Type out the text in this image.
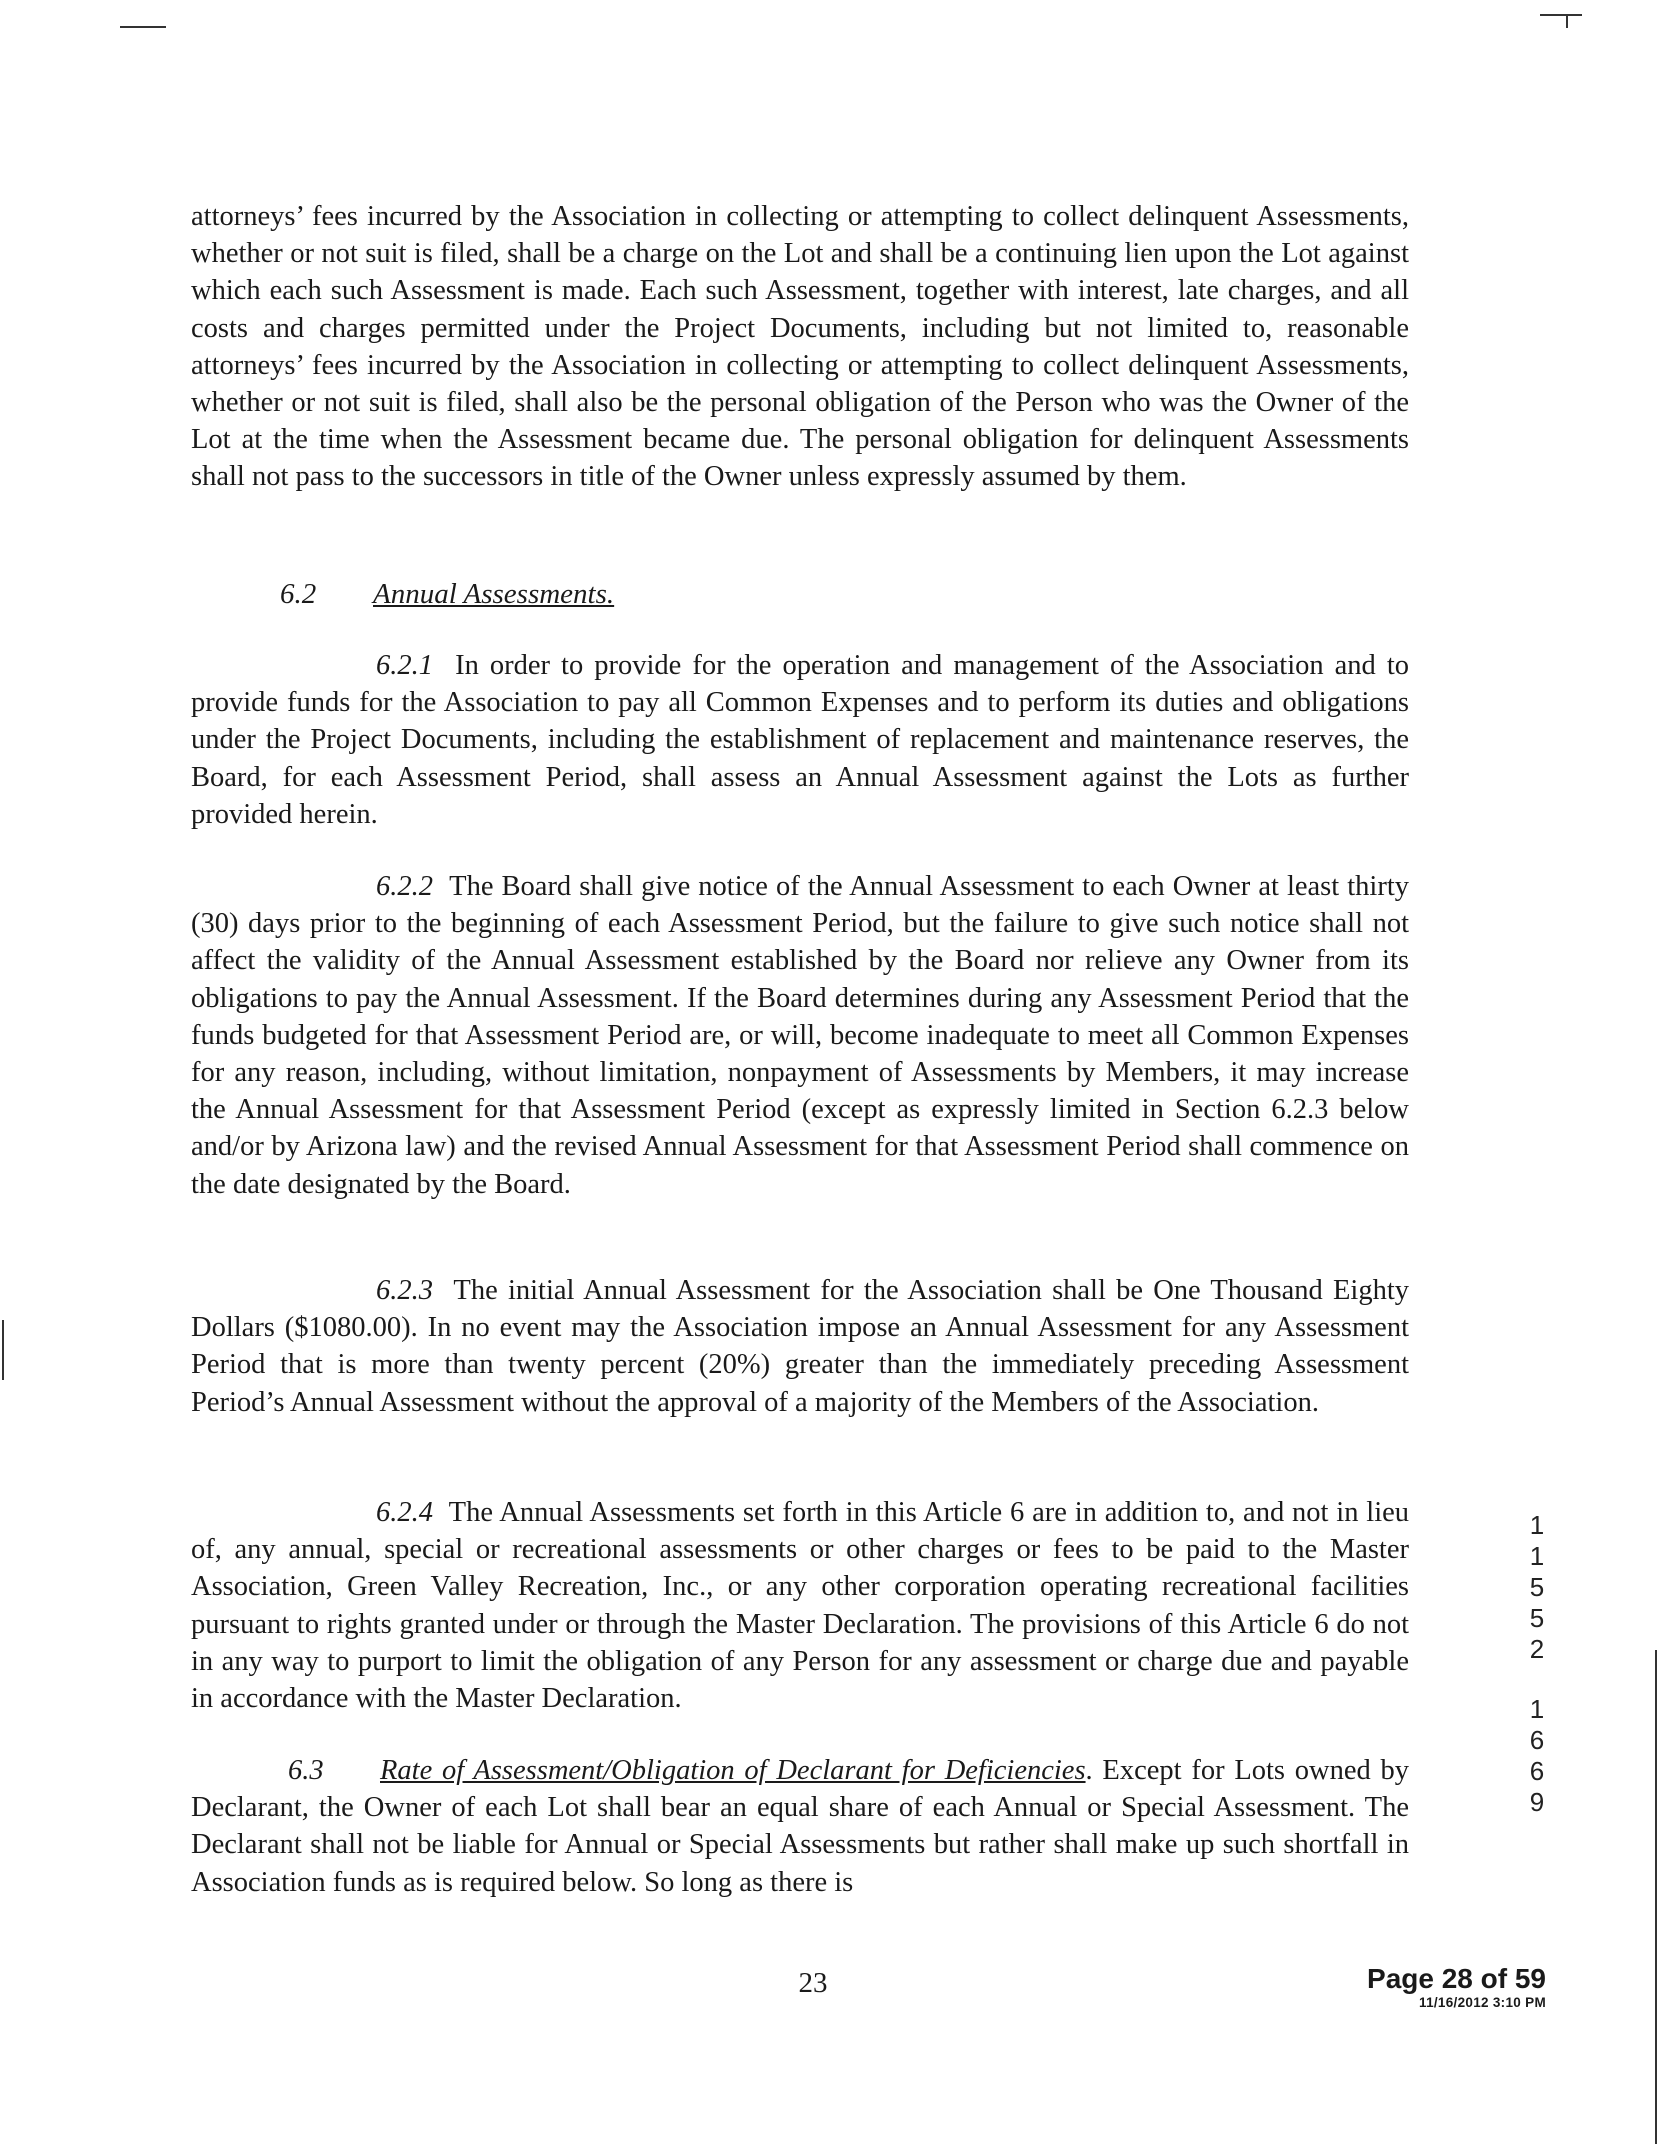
attorneys’ fees incurred by the Association in collecting or attempting to collect delinquent Assessments, whether or not suit is filed, shall be a charge on the Lot and shall be a continuing lien upon the Lot against which each such Assessment is made. Each such Assessment, together with interest, late charges, and all costs and charges permitted under the Project Documents, including but not limited to, reasonable attorneys’ fees incurred by the Association in collecting or attempting to collect delinquent Assessments, whether or not suit is filed, shall also be the personal obligation of the Person who was the Owner of the Lot at the time when the Assessment became due. The personal obligation for delinquent Assessments shall not pass to the successors in title of the Owner unless expressly assumed by them.

6.2 Annual Assessments.

6.2.1 In order to provide for the operation and management of the Association and to provide funds for the Association to pay all Common Expenses and to perform its duties and obligations under the Project Documents, including the establishment of replacement and maintenance reserves, the Board, for each Assessment Period, shall assess an Annual Assessment against the Lots as further provided herein.

6.2.2 The Board shall give notice of the Annual Assessment to each Owner at least thirty (30) days prior to the beginning of each Assessment Period, but the failure to give such notice shall not affect the validity of the Annual Assessment established by the Board nor relieve any Owner from its obligations to pay the Annual Assessment. If the Board determines during any Assessment Period that the funds budgeted for that Assessment Period are, or will, become inadequate to meet all Common Expenses for any reason, including, without limitation, nonpayment of Assessments by Members, it may increase the Annual Assessment for that Assessment Period (except as expressly limited in Section 6.2.3 below and/or by Arizona law) and the revised Annual Assessment for that Assessment Period shall commence on the date designated by the Board.

6.2.3 The initial Annual Assessment for the Association shall be One Thousand Eighty Dollars ($1080.00). In no event may the Association impose an Annual Assessment for any Assessment Period that is more than twenty percent (20%) greater than the immediately preceding Assessment Period’s Annual Assessment without the approval of a majority of the Members of the Association.

6.2.4 The Annual Assessments set forth in this Article 6 are in addition to, and not in lieu of, any annual, special or recreational assessments or other charges or fees to be paid to the Master Association, Green Valley Recreation, Inc., or any other corporation operating recreational facilities pursuant to rights granted under or through the Master Declaration. The provisions of this Article 6 do not in any way to purport to limit the obligation of any Person for any assessment or charge due and payable in accordance with the Master Declaration.

6.3 Rate of Assessment/Obligation of Declarant for Deficiencies. Except for Lots owned by Declarant, the Owner of each Lot shall bear an equal share of each Annual or Special Assessment. The Declarant shall not be liable for Annual or Special Assessments but rather shall make up such shortfall in Association funds as is required below. So long as there is

23	Page 28 of 59
11/16/2012 3:10 PM
1
1
5
5
2
1
6
6
9
